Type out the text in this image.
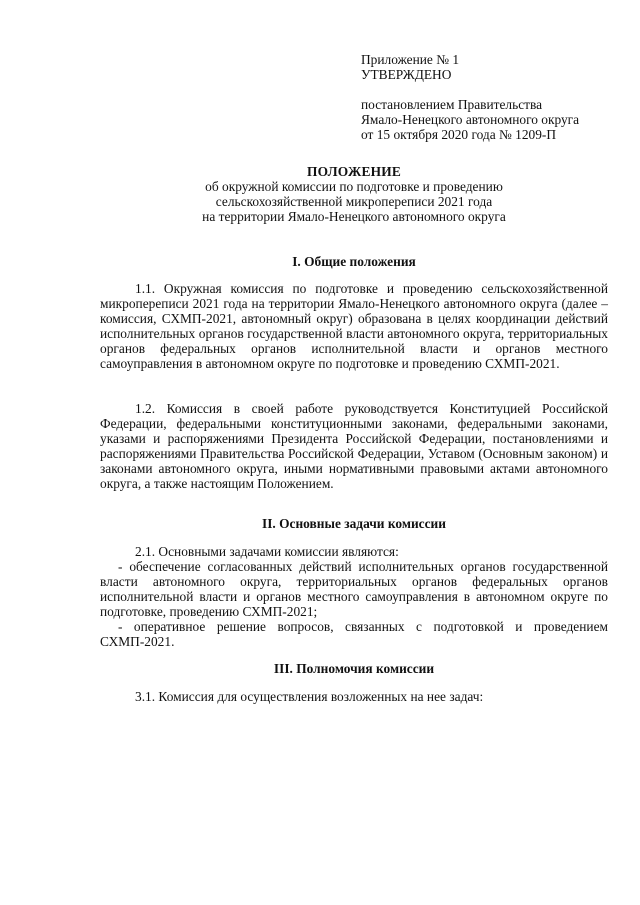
Приложение № 1
УТВЕРЖДЕНО
постановлением Правительства
Ямало-Ненецкого автономного округа
от 15 октября 2020 года № 1209-П
ПОЛОЖЕНИЕ
об окружной комиссии по подготовке и проведению
сельскохозяйственной микропереписи 2021 года
на территории Ямало-Ненецкого автономного округа
I. Общие положения
1.1. Окружная комиссия по подготовке и проведению сельскохозяйственной микропереписи 2021 года на территории Ямало-Ненецкого автономного округа (далее – комиссия, СХМП-2021, автономный округ) образована в целях координации действий исполнительных органов государственной власти автономного округа, территориальных органов федеральных органов исполнительной власти и органов местного самоуправления в автономном округе по подготовке и проведению СХМП-2021.
1.2. Комиссия в своей работе руководствуется Конституцией Российской Федерации, федеральными конституционными законами, федеральными законами, указами и распоряжениями Президента Российской Федерации, постановлениями и распоряжениями Правительства Российской Федерации, Уставом (Основным законом) и законами автономного округа, иными нормативными правовыми актами автономного округа, а также настоящим Положением.
II. Основные задачи комиссии
2.1. Основными задачами комиссии являются:
- обеспечение согласованных действий исполнительных органов государственной власти автономного округа, территориальных органов федеральных органов исполнительной власти и органов местного самоуправления в автономном округе по подготовке, проведению СХМП-2021;
- оперативное решение вопросов, связанных с подготовкой и проведением СХМП-2021.
III. Полномочия комиссии
3.1. Комиссия для осуществления возложенных на нее задач:
